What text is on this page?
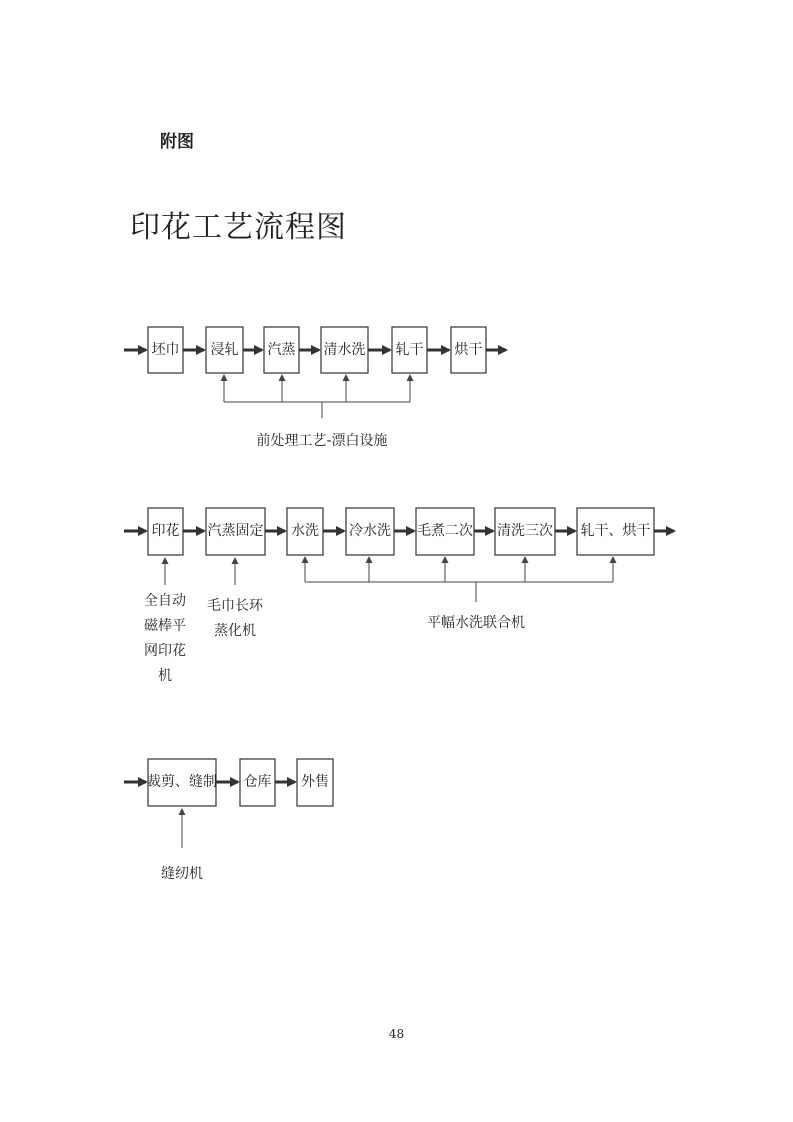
附图
印花工艺流程图
坯巾 浸轧 汽蒸 清水洗 轧干 烘干
前处理工艺-漂白设施
印花 汽蒸固定 水洗 冷水洗 毛煮二次 清洗三次 轧干、烘干
全自动
磁棒平
网印花
机
毛巾长环
蒸化机	平幅水洗联合机
裁剪、缝制 仓库 外售
缝纫机
48
